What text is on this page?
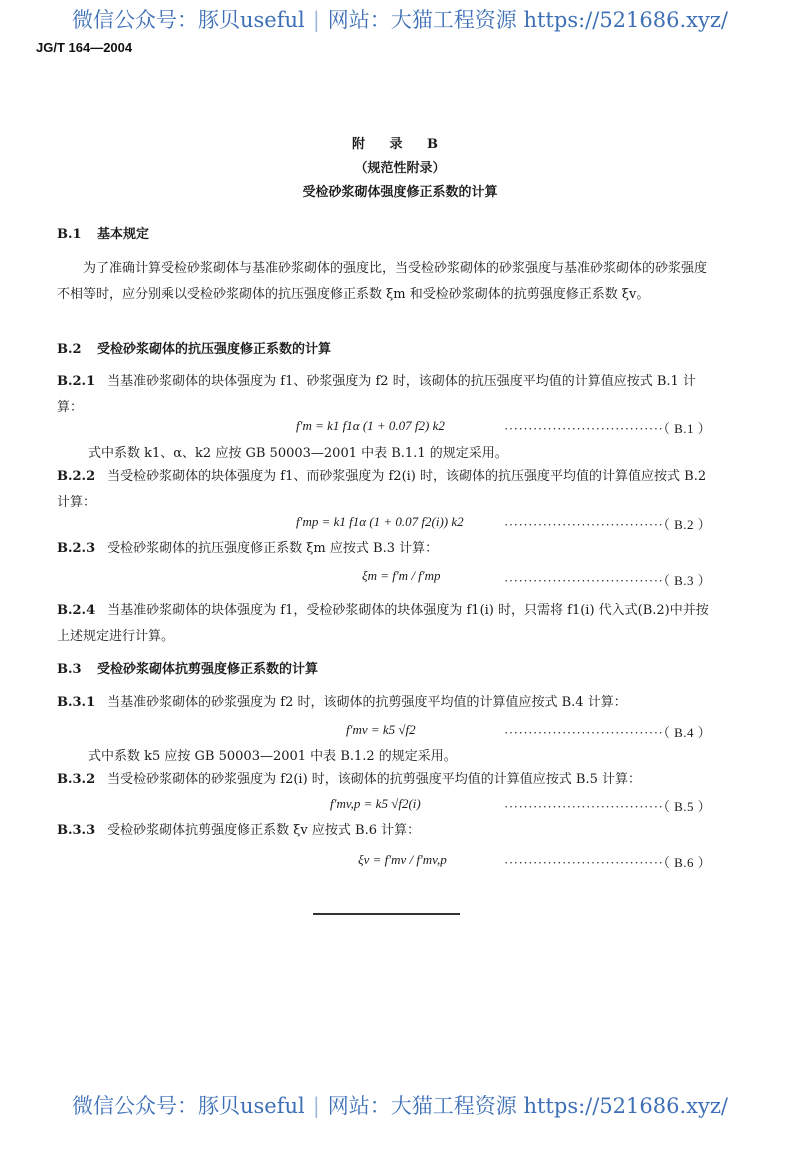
微信公众号：豚贝useful | 网站：大猫工程资源 https://521686.xyz/
JG/T 164—2004
附 录 B
（规范性附录）
受检砂浆砌体强度修正系数的计算
B.1 基本规定
为了准确计算受检砂浆砌体与基准砂浆砌体的强度比，当受检砂浆砌体的砂浆强度与基准砂浆砌体的砂浆强度不相等时，应分别乘以受检砂浆砌体的抗压强度修正系数 ξm 和受检砂浆砌体的抗剪强度修正系数 ξv。
B.2 受检砂浆砌体的抗压强度修正系数的计算
B.2.1 当基准砂浆砌体的块体强度为 f1、砂浆强度为 f2 时，该砌体的抗压强度平均值的计算值应按式 B.1 计算：
f′m = k1 f1α (1 + 0.07 f2) k2	·································（ B.1 ）
式中系数 k1、α、k2 应按 GB 50003—2001 中表 B.1.1 的规定采用。
B.2.2 当受检砂浆砌体的块体强度为 f1、而砂浆强度为 f2(i) 时，该砌体的抗压强度平均值的计算值应按式 B.2 计算：
f′mp = k1 f1α (1 + 0.07 f2(i)) k2	·································（ B.2 ）
B.2.3 受检砂浆砌体的抗压强度修正系数 ξm 应按式 B.3 计算：
ξm = f′m / f′mp	·································（ B.3 ）
B.2.4 当基准砂浆砌体的块体强度为 f1，受检砂浆砌体的块体强度为 f1(i) 时，只需将 f1(i) 代入式(B.2)中并按上述规定进行计算。
B.3 受检砂浆砌体抗剪强度修正系数的计算
B.3.1 当基准砂浆砌体的砂浆强度为 f2 时，该砌体的抗剪强度平均值的计算值应按式 B.4 计算：
f′mv = k5 √f2	·································（ B.4 ）
式中系数 k5 应按 GB 50003—2001 中表 B.1.2 的规定采用。
B.3.2 当受检砂浆砌体的砂浆强度为 f2(i) 时，该砌体的抗剪强度平均值的计算值应按式 B.5 计算：
f′mv,p = k5 √f2(i)	·································（ B.5 ）
B.3.3 受检砂浆砌体抗剪强度修正系数 ξv 应按式 B.6 计算：
ξv = f′mv / f′mv,p	·································（ B.6 ）
微信公众号：豚贝useful | 网站：大猫工程资源 https://521686.xyz/
